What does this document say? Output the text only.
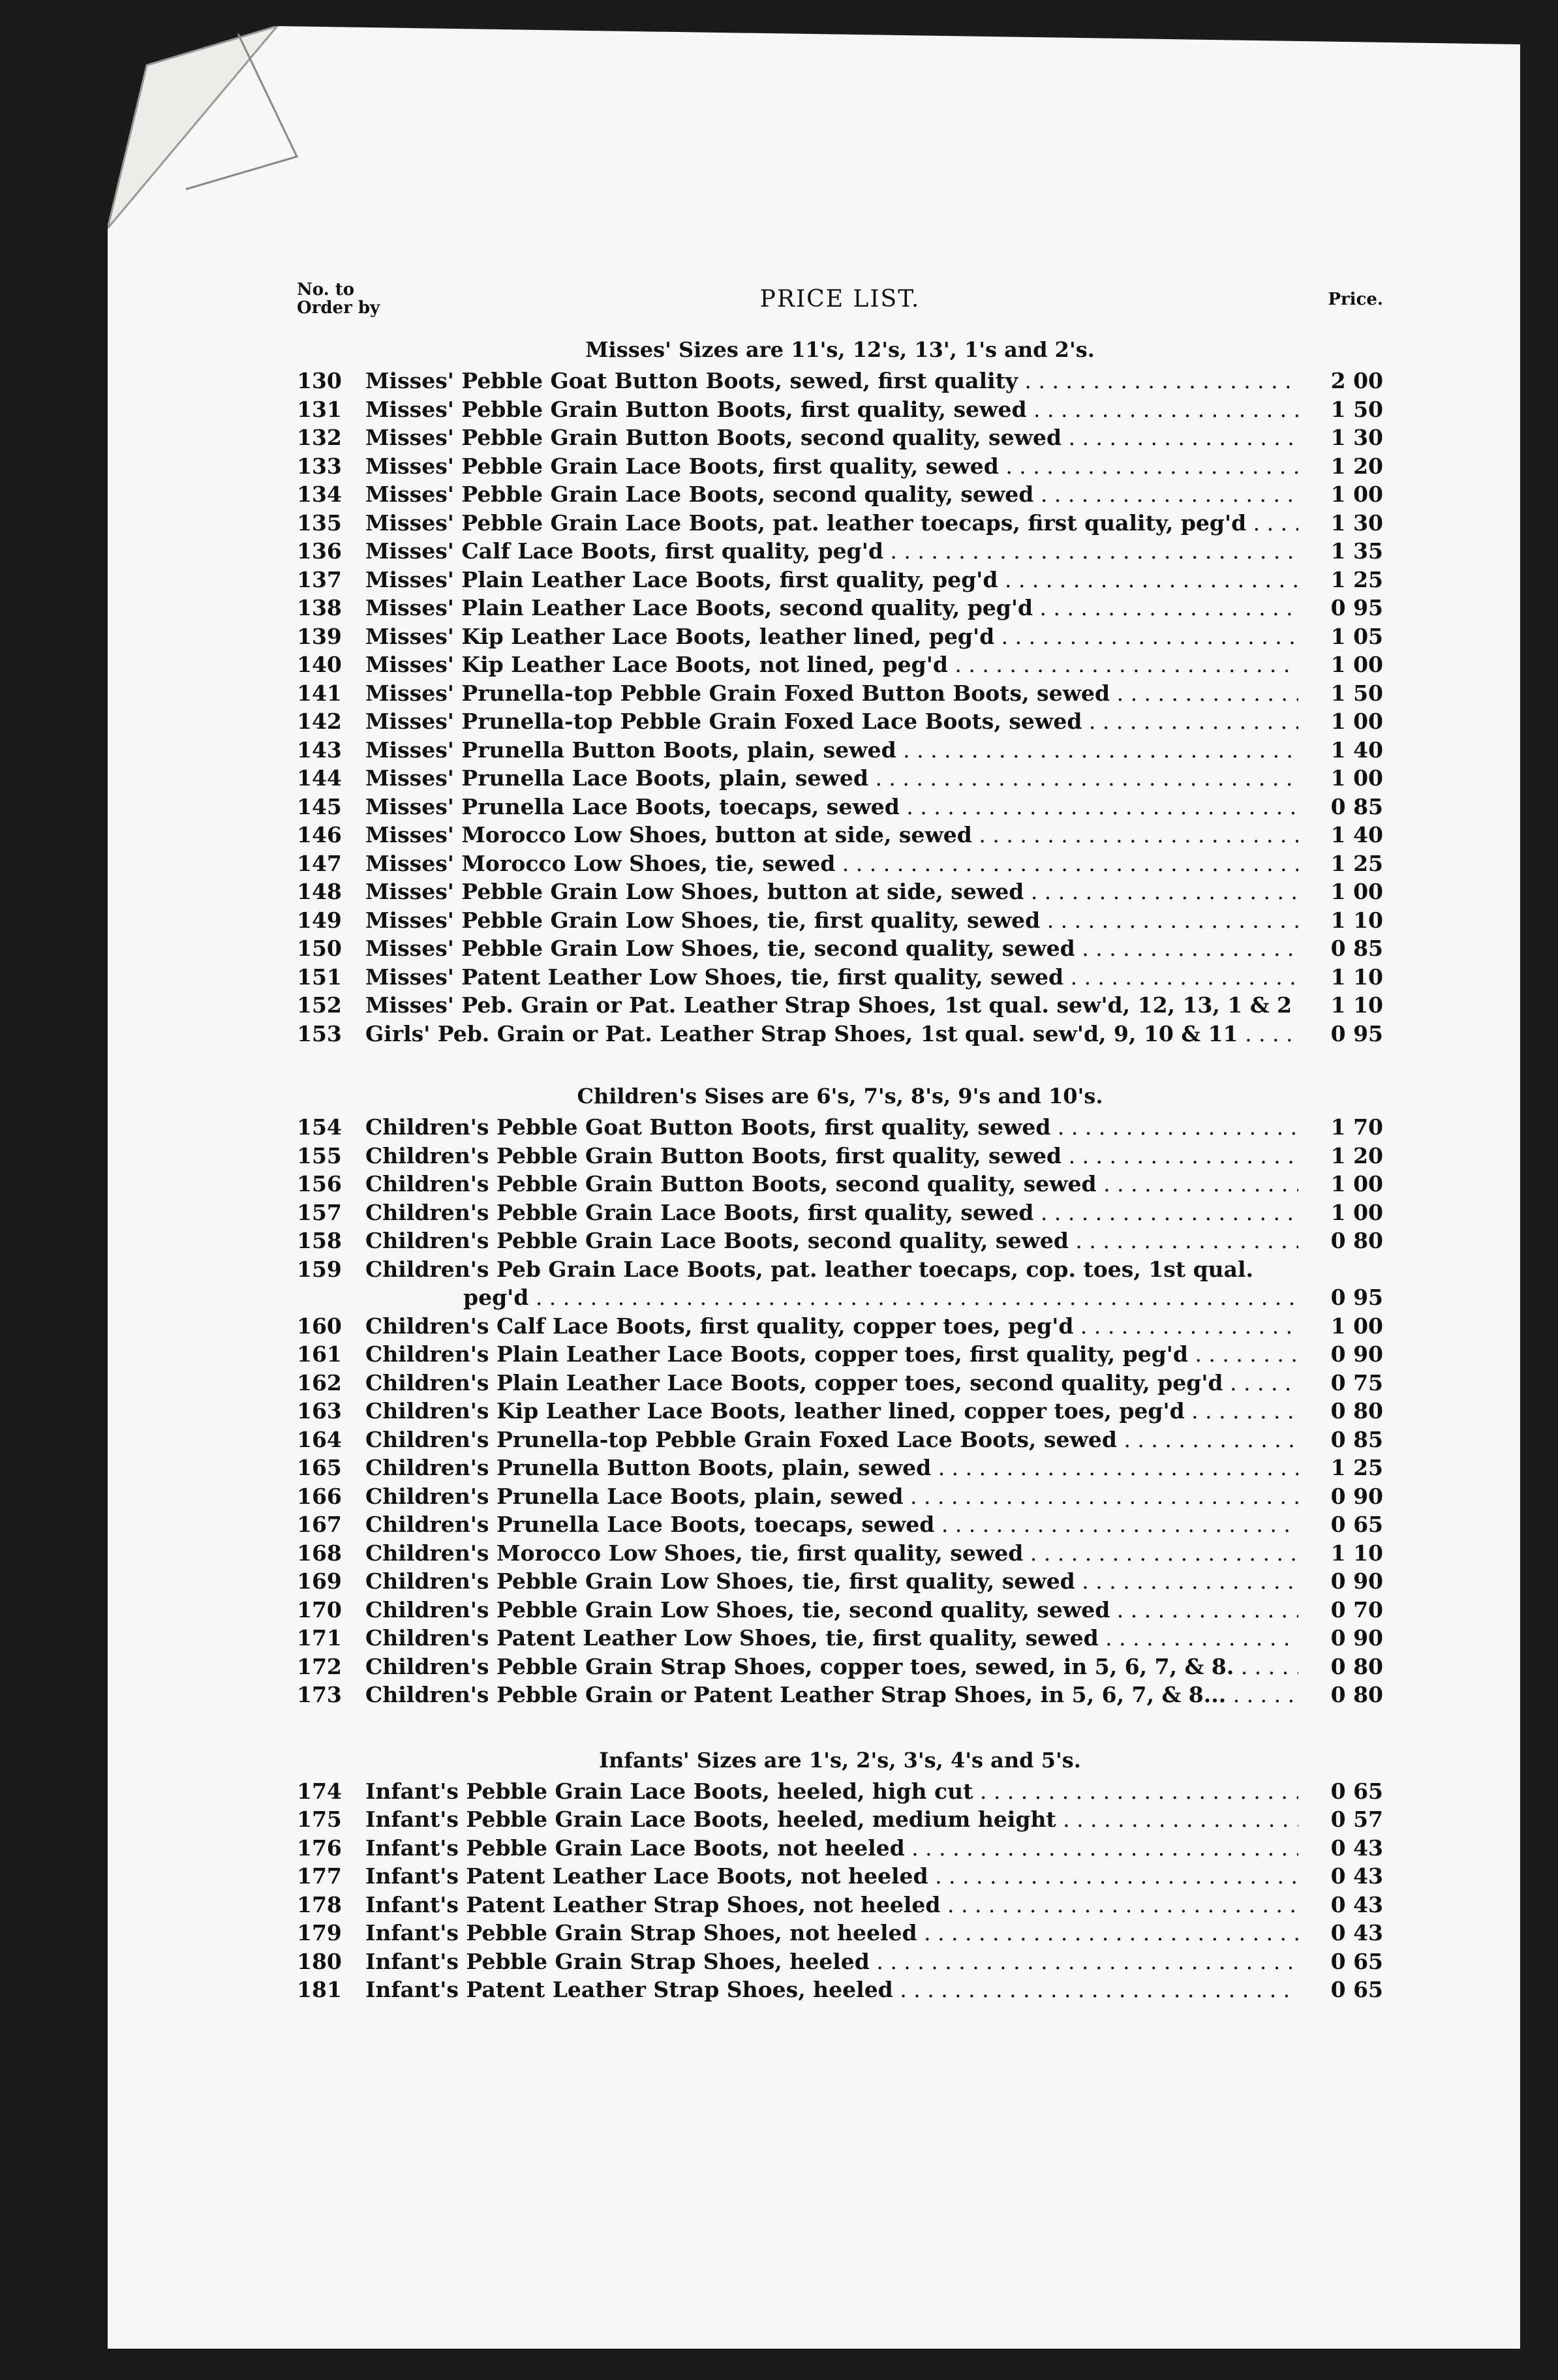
No. to
Order by	PRICE LIST.	Price.
Misses' Sizes are 11's, 12's, 13', 1's and 2's.
130	Misses' Pebble Goat Button Boots, sewed, first quality . . .	2 00
131	Misses' Pebble Grain Button Boots, first quality, sewed . . .	1 50
132	Misses' Pebble Grain Button Boots, second quality, sewed . . .	1 30
133	Misses' Pebble Grain Lace Boots, first quality, sewed . . .	1 20
134	Misses' Pebble Grain Lace Boots, second quality, sewed . . .	1 00
135	Misses' Pebble Grain Lace Boots, pat. leather toecaps, first quality, peg'd . . .	1 30
136	Misses' Calf Lace Boots, first quality, peg'd . . .	1 35
137	Misses' Plain Leather Lace Boots, first quality, peg'd . . .	1 25
138	Misses' Plain Leather Lace Boots, second quality, peg'd . . .	0 95
139	Misses' Kip Leather Lace Boots, leather lined, peg'd . . .	1 05
140	Misses' Kip Leather Lace Boots, not lined, peg'd . . .	1 00
141	Misses' Prunella-top Pebble Grain Foxed Button Boots, sewed . . .	1 50
142	Misses' Prunella-top Pebble Grain Foxed Lace Boots, sewed . . .	1 00
143	Misses' Prunella Button Boots, plain, sewed . . .	1 40
144	Misses' Prunella Lace Boots, plain, sewed . . .	1 00
145	Misses' Prunella Lace Boots, toecaps, sewed . . .	0 85
146	Misses' Morocco Low Shoes, button at side, sewed . . .	1 40
147	Misses' Morocco Low Shoes, tie, sewed . . .	1 25
148	Misses' Pebble Grain Low Shoes, button at side, sewed . . .	1 00
149	Misses' Pebble Grain Low Shoes, tie, first quality, sewed . . .	1 10
150	Misses' Pebble Grain Low Shoes, tie, second quality, sewed . . .	0 85
151	Misses' Patent Leather Low Shoes, tie, first quality, sewed . . .	1 10
152	Misses' Peb. Grain or Pat. Leather Strap Shoes, 1st qual. sew'd, 12, 13, 1 & 2 . . .	1 10
153	Girls' Peb. Grain or Pat. Leather Strap Shoes, 1st qual. sew'd, 9, 10 & 11 . . .	0 95
Children's Sises are 6's, 7's, 8's, 9's and 10's.
154	Children's Pebble Goat Button Boots, first quality, sewed . . .	1 70
155	Children's Pebble Grain Button Boots, first quality, sewed . . .	1 20
156	Children's Pebble Grain Button Boots, second quality, sewed . . .	1 00
157	Children's Pebble Grain Lace Boots, first quality, sewed . . .	1 00
158	Children's Pebble Grain Lace Boots, second quality, sewed . . .	0 80
159	Children's Peb Grain Lace Boots, pat. leather toecaps, cop. toes, 1st qual.
peg'd . . .	0 95
160	Children's Calf Lace Boots, first quality, copper toes, peg'd . . .	1 00
161	Children's Plain Leather Lace Boots, copper toes, first quality, peg'd . . .	0 90
162	Children's Plain Leather Lace Boots, copper toes, second quality, peg'd . . .	0 75
163	Children's Kip Leather Lace Boots, leather lined, copper toes, peg'd . . .	0 80
164	Children's Prunella-top Pebble Grain Foxed Lace Boots, sewed . . .	0 85
165	Children's Prunella Button Boots, plain, sewed . . .	1 25
166	Children's Prunella Lace Boots, plain, sewed . . .	0 90
167	Children's Prunella Lace Boots, toecaps, sewed . . .	0 65
168	Children's Morocco Low Shoes, tie, first quality, sewed . . .	1 10
169	Children's Pebble Grain Low Shoes, tie, first quality, sewed . . .	0 90
170	Children's Pebble Grain Low Shoes, tie, second quality, sewed . . .	0 70
171	Children's Patent Leather Low Shoes, tie, first quality, sewed . . .	0 90
172	Children's Pebble Grain Strap Shoes, copper toes, sewed, in 5, 6, 7, & 8. . . .	0 80
173	Children's Pebble Grain or Patent Leather Strap Shoes, in 5, 6, 7, & 8... . . .	0 80
Infants' Sizes are 1's, 2's, 3's, 4's and 5's.
174	Infant's Pebble Grain Lace Boots, heeled, high cut . . .	0 65
175	Infant's Pebble Grain Lace Boots, heeled, medium height . . .	0 57
176	Infant's Pebble Grain Lace Boots, not heeled . . .	0 43
177	Infant's Patent Leather Lace Boots, not heeled . . .	0 43
178	Infant's Patent Leather Strap Shoes, not heeled . . .	0 43
179	Infant's Pebble Grain Strap Shoes, not heeled . . .	0 43
180	Infant's Pebble Grain Strap Shoes, heeled . . .	0 65
181	Infant's Patent Leather Strap Shoes, heeled . . .	0 65
